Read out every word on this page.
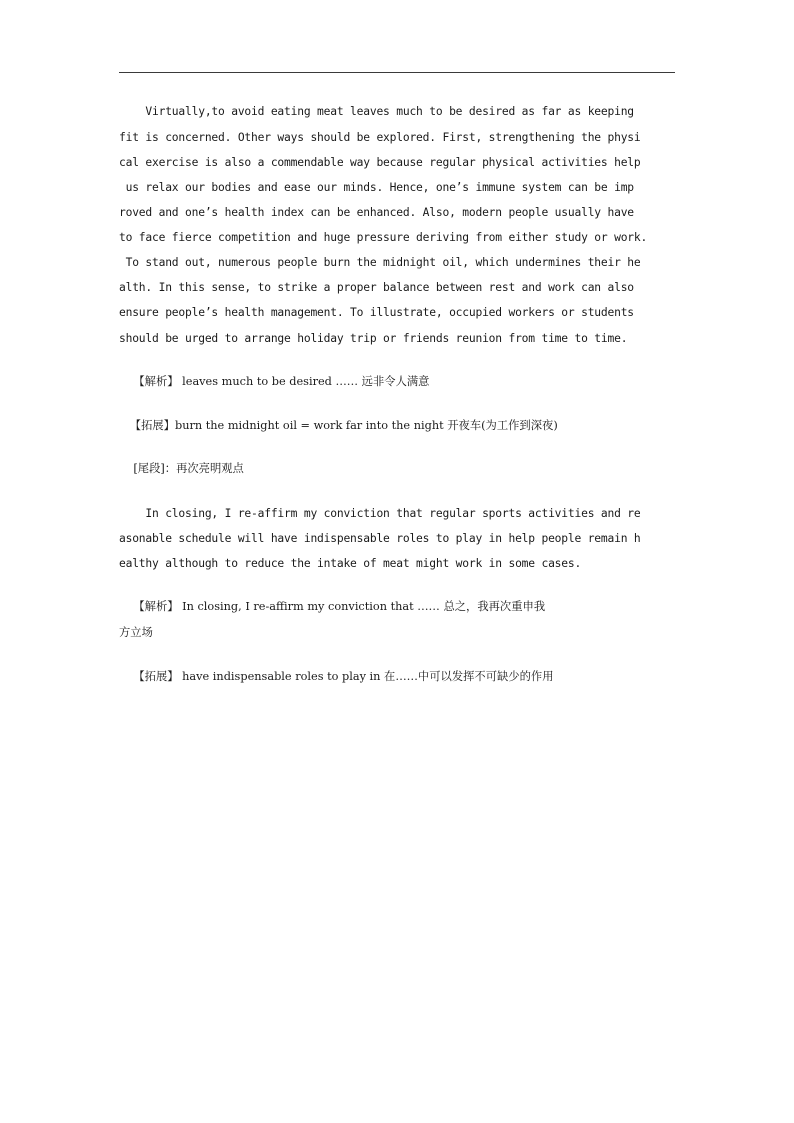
Virtually,to avoid eating meat leaves much to be desired as far as keeping
fit is concerned. Other ways should be explored. First, strengthening the physi
cal exercise is also a commendable way because regular physical activities help
us relax our bodies and ease our minds. Hence, one’s immune system can be imp
roved and one’s health index can be enhanced. Also, modern people usually have
to face fierce competition and huge pressure deriving from either study or work.
To stand out, numerous people burn the midnight oil, which undermines their he
alth. In this sense, to strike a proper balance between rest and work can also
ensure people’s health management. To illustrate, occupied workers or students
should be urged to arrange holiday trip or friends reunion from time to time.
【解析】 leaves much to be desired …… 远非令人满意
【拓展】burn the midnight oil = work far into the night 开夜车(为工作到深夜)
[尾段]：再次亮明观点
In closing, I re-affirm my conviction that regular sports activities and re
asonable schedule will have indispensable roles to play in help people remain h
ealthy although to reduce the intake of meat might work in some cases.
【解析】 In closing, I re-affirm my conviction that …… 总之，我再次重申我
方立场
【拓展】 have indispensable roles to play in 在……中可以发挥不可缺少的作用
